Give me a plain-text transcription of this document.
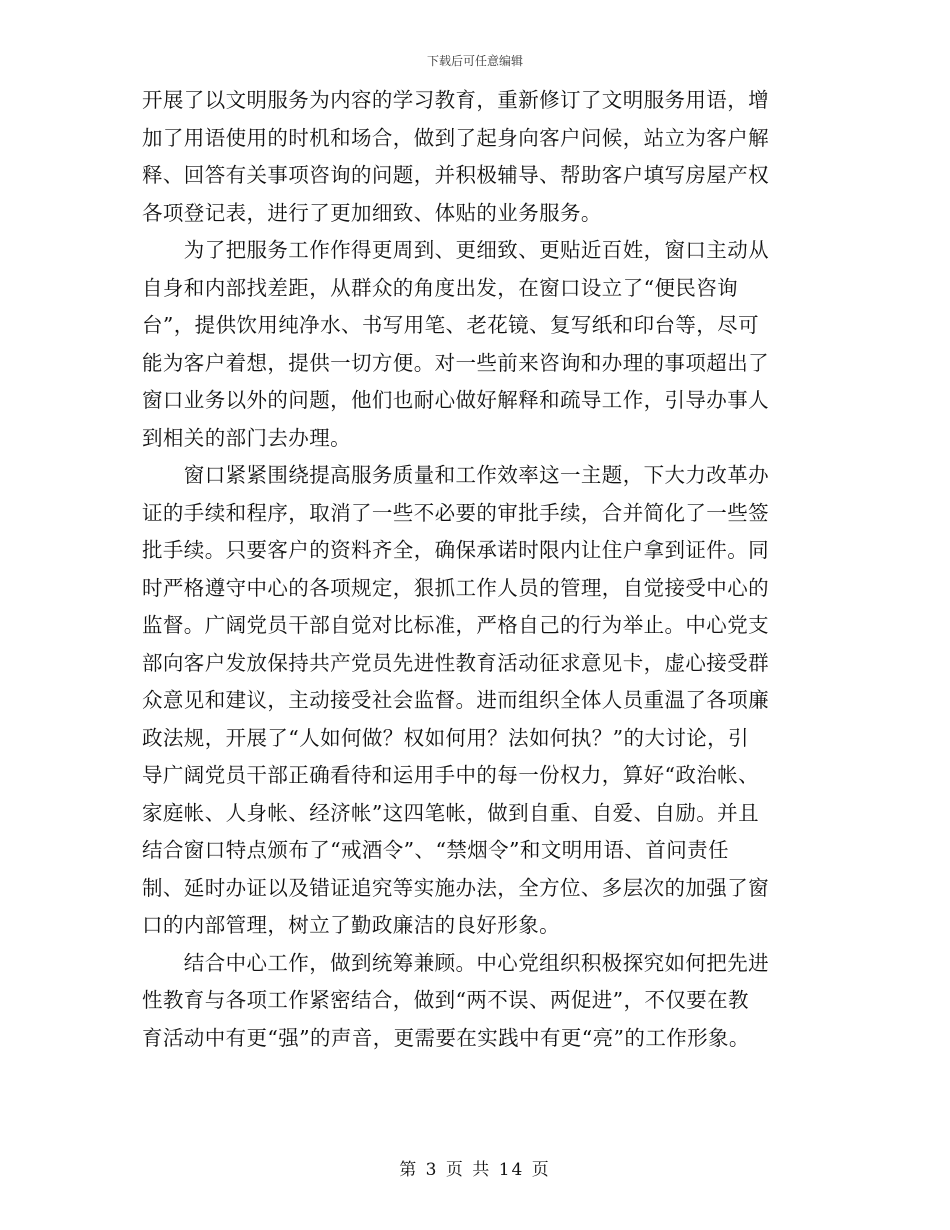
下载后可任意编辑
开展了以文明服务为内容的学习教育，重新修订了文明服务用语，增
加了用语使用的时机和场合，做到了起身向客户问候，站立为客户解
释、回答有关事项咨询的问题，并积极辅导、帮助客户填写房屋产权
各项登记表，进行了更加细致、体贴的业务服务。
　　为了把服务工作作得更周到、更细致、更贴近百姓，窗口主动从
自身和内部找差距，从群众的角度出发，在窗口设立了“便民咨询
台”，提供饮用纯净水、书写用笔、老花镜、复写纸和印台等，尽可
能为客户着想，提供一切方便。对一些前来咨询和办理的事项超出了
窗口业务以外的问题，他们也耐心做好解释和疏导工作，引导办事人
到相关的部门去办理。
　　窗口紧紧围绕提高服务质量和工作效率这一主题，下大力改革办
证的手续和程序，取消了一些不必要的审批手续，合并简化了一些签
批手续。只要客户的资料齐全，确保承诺时限内让住户拿到证件。同
时严格遵守中心的各项规定，狠抓工作人员的管理，自觉接受中心的
监督。广阔党员干部自觉对比标准，严格自己的行为举止。中心党支
部向客户发放保持共产党员先进性教育活动征求意见卡，虚心接受群
众意见和建议，主动接受社会监督。进而组织全体人员重温了各项廉
政法规，开展了“人如何做？权如何用？法如何执？”的大讨论，引
导广阔党员干部正确看待和运用手中的每一份权力，算好“政治帐、
家庭帐、人身帐、经济帐”这四笔帐，做到自重、自爱、自励。并且
结合窗口特点颁布了“戒酒令”、“禁烟令”和文明用语、首问责任
制、延时办证以及错证追究等实施办法，全方位、多层次的加强了窗
口的内部管理，树立了勤政廉洁的良好形象。
　　结合中心工作，做到统筹兼顾。中心党组织积极探究如何把先进
性教育与各项工作紧密结合，做到“两不误、两促进”，不仅要在教
育活动中有更“强”的声音，更需要在实践中有更“亮”的工作形象。
第 3 页 共 14 页
